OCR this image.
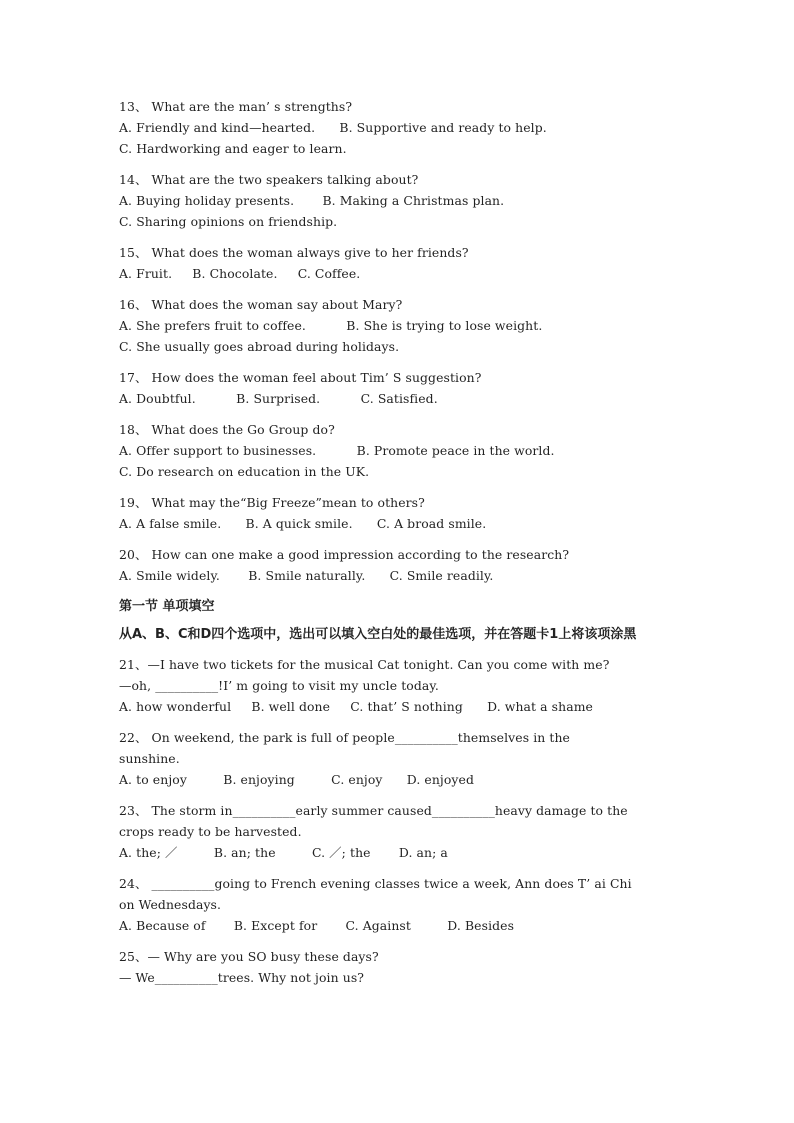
13、 What are the man’ s strengths?
A. Friendly and kind—hearted.      B. Supportive and ready to help.
C. Hardworking and eager to learn.
14、 What are the two speakers talking about?
A. Buying holiday presents.       B. Making a Christmas plan.
C. Sharing opinions on friendship.
15、 What does the woman always give to her friends?
A. Fruit.     B. Chocolate.     C. Coffee.
16、 What does the woman say about Mary?
A. She prefers fruit to coffee.          B. She is trying to lose weight.
C. She usually goes abroad during holidays.
17、 How does the woman feel about Tim’ S suggestion?
A. Doubtful.          B. Surprised.          C. Satisfied.
18、 What does the Go Group do?
A. Offer support to businesses.          B. Promote peace in the world.
C. Do research on education in the UK.
19、 What may the“Big Freeze”mean to others?
A. A false smile.      B. A quick smile.      C. A broad smile.
20、 How can one make a good impression according to the research?
A. Smile widely.       B. Smile naturally.      C. Smile readily.
第一节 单项填空
从A、B、C和D四个选项中，选出可以填入空白处的最佳选项，并在答题卡1上将该项涂黑
21、—I have two tickets for the musical Cat tonight. Can you come with me?
—oh, __________!I’ m going to visit my uncle today.
A. how wonderful     B. well done     C. that’ S nothing      D. what a shame
22、 On weekend, the park is full of people__________themselves in the
sunshine.
A. to enjoy         B. enjoying         C. enjoy      D. enjoyed
23、 The storm in__________early summer caused__________heavy damage to the
crops ready to be harvested.
A. the; ／         B. an; the         C. ／; the       D. an; a
24、 __________going to French evening classes twice a week, Ann does T’ ai Chi
on Wednesdays.
A. Because of       B. Except for       C. Against         D. Besides
25、— Why are you SO busy these days?
— We__________trees. Why not join us?
